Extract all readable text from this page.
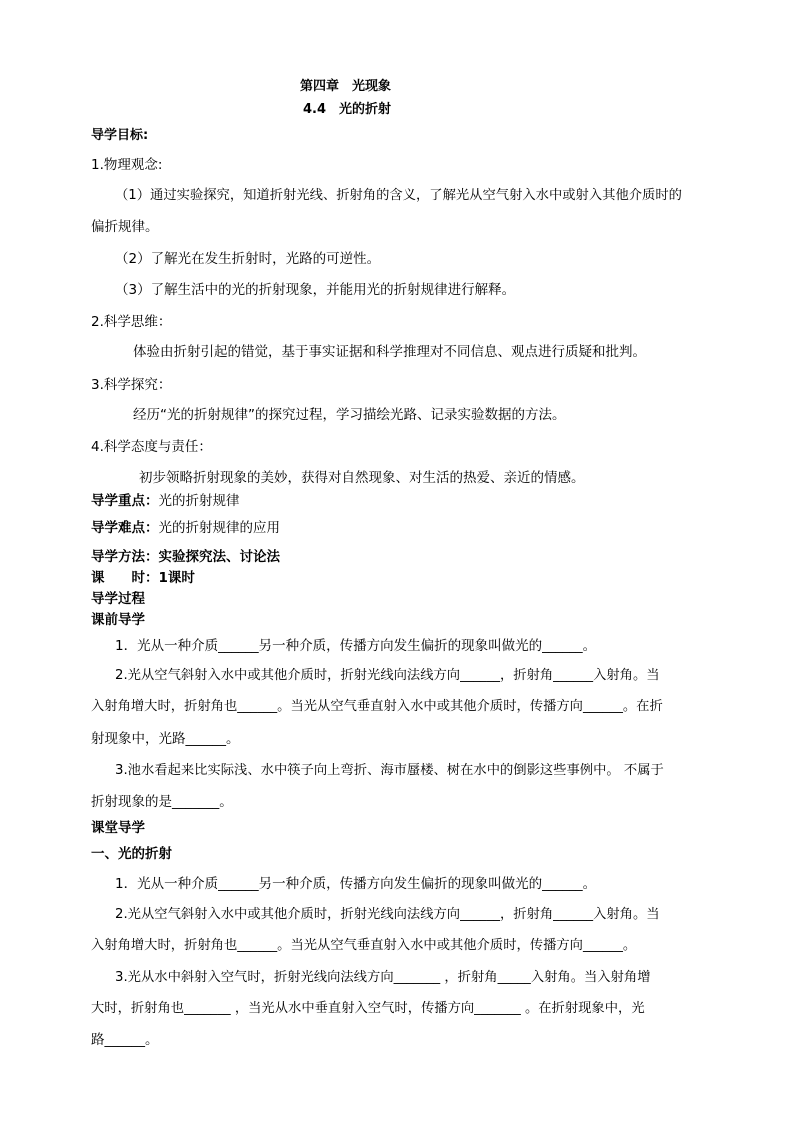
第四章　光现象
4.4　光的折射
导学目标:
1.物理观念:
（1）通过实验探究，知道折射光线、折射角的含义，了解光从空气射入水中或射入其他介质时的
偏折规律。
（2）了解光在发生折射时，光路的可逆性。
（3）了解生活中的光的折射现象，并能用光的折射规律进行解释。
2.科学思维：
体验由折射引起的错觉，基于事实证据和科学推理对不同信息、观点进行质疑和批判。
3.科学探究：
经历“光的折射规律”的探究过程，学习描绘光路、记录实验数据的方法。
4.科学态度与责任：
初步领略折射现象的美妙，获得对自然现象、对生活的热爱、亲近的情感。
导学重点：光的折射规律
导学难点：光的折射规律的应用
导学方法：实验探究法、讨论法
课　　时：1课时
导学过程
课前导学
1．光从一种介质______另一种介质，传播方向发生偏折的现象叫做光的______。
2.光从空气斜射入水中或其他介质时，折射光线向法线方向______，折射角______入射角。当
入射角增大时，折射角也______。当光从空气垂直射入水中或其他介质时，传播方向______。在折
射现象中，光路______。
3.池水看起来比实际浅、水中筷子向上弯折、海市蜃楼、树在水中的倒影这些事例中。 不属于
折射现象的是_______。
课堂导学
一、光的折射
1．光从一种介质______另一种介质，传播方向发生偏折的现象叫做光的______。
2.光从空气斜射入水中或其他介质时，折射光线向法线方向______，折射角______入射角。当
入射角增大时，折射角也______。当光从空气垂直射入水中或其他介质时，传播方向______。
3.光从水中斜射入空气时，折射光线向法线方向_______ ，折射角_____入射角。当入射角增
大时，折射角也_______ ，当光从水中垂直射入空气时，传播方向_______ 。在折射现象中，光
路______。
